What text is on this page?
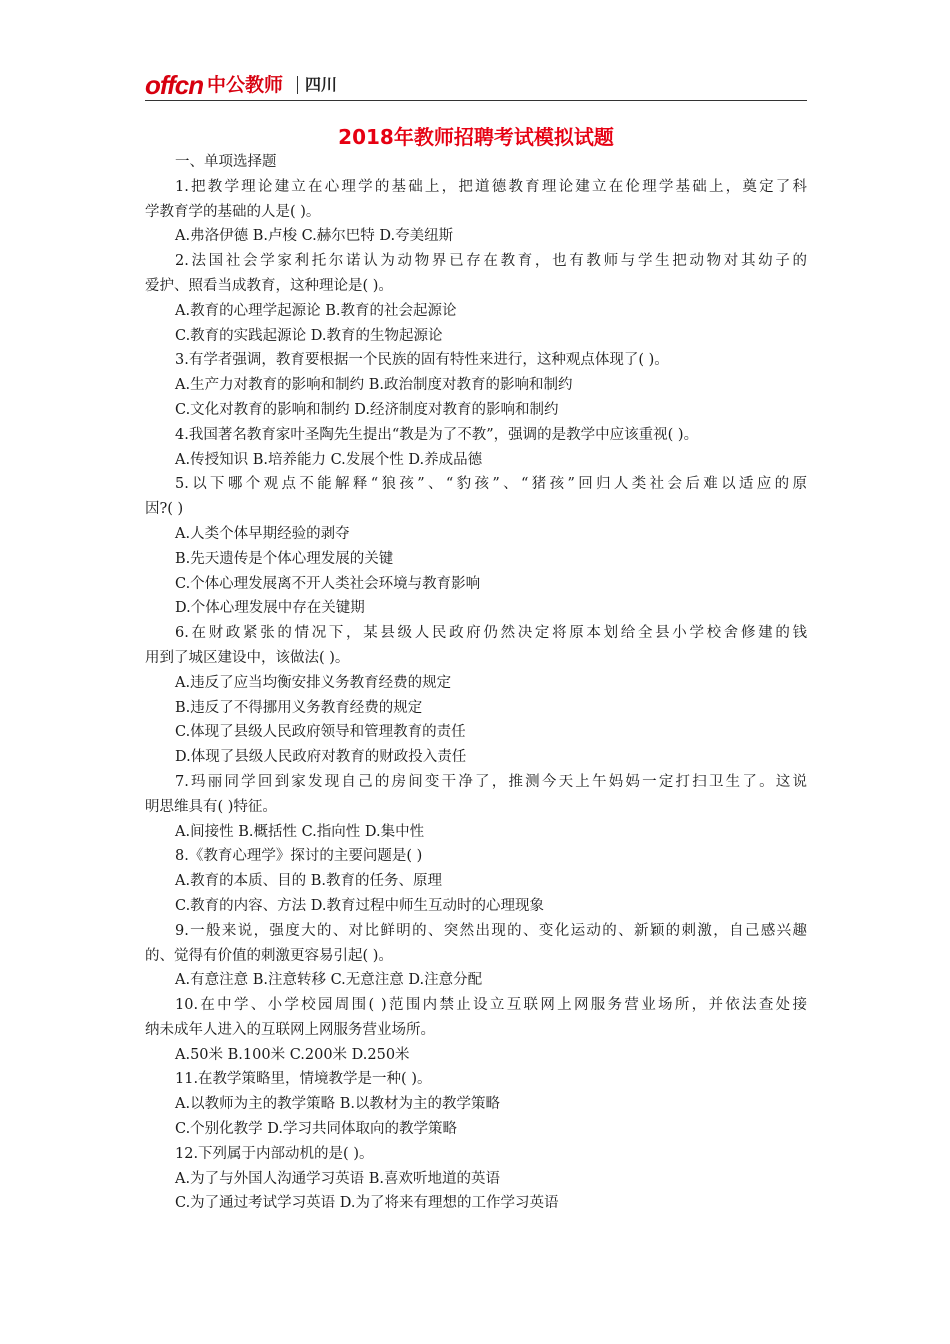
offcn 中公教师 四川
2018年教师招聘考试模拟试题
一、单项选择题
1.把教学理论建立在心理学的基础上，把道德教育理论建立在伦理学基础上，奠定了科
学教育学的基础的人是( )。
A.弗洛伊德 B.卢梭 C.赫尔巴特 D.夸美纽斯
2.法国社会学家利托尔诺认为动物界已存在教育，也有教师与学生把动物对其幼子的
爱护、照看当成教育，这种理论是( )。
A.教育的心理学起源论 B.教育的社会起源论
C.教育的实践起源论 D.教育的生物起源论
3.有学者强调，教育要根据一个民族的固有特性来进行，这种观点体现了( )。
A.生产力对教育的影响和制约 B.政治制度对教育的影响和制约
C.文化对教育的影响和制约 D.经济制度对教育的影响和制约
4.我国著名教育家叶圣陶先生提出“教是为了不教”，强调的是教学中应该重视( )。
A.传授知识 B.培养能力 C.发展个性 D.养成品德
5.以下哪个观点不能解释“狼孩”、“豹孩”、“猪孩”回归人类社会后难以适应的原
因?( )
A.人类个体早期经验的剥夺
B.先天遗传是个体心理发展的关键
C.个体心理发展离不开人类社会环境与教育影响
D.个体心理发展中存在关键期
6.在财政紧张的情况下，某县级人民政府仍然决定将原本划给全县小学校舍修建的钱
用到了城区建设中，该做法( )。
A.违反了应当均衡安排义务教育经费的规定
B.违反了不得挪用义务教育经费的规定
C.体现了县级人民政府领导和管理教育的责任
D.体现了县级人民政府对教育的财政投入责任
7.玛丽同学回到家发现自己的房间变干净了，推测今天上午妈妈一定打扫卫生了。这说
明思维具有( )特征。
A.间接性 B.概括性 C.指向性 D.集中性
8.《教育心理学》探讨的主要问题是( )
A.教育的本质、目的 B.教育的任务、原理
C.教育的内容、方法 D.教育过程中师生互动时的心理现象
9.一般来说，强度大的、对比鲜明的、突然出现的、变化运动的、新颖的刺激，自己感兴趣
的、觉得有价值的刺激更容易引起( )。
A.有意注意 B.注意转移 C.无意注意 D.注意分配
10.在中学、小学校园周围( )范围内禁止设立互联网上网服务营业场所，并依法查处接
纳未成年人进入的互联网上网服务营业场所。
A.50米 B.100米 C.200米 D.250米
11.在教学策略里，情境教学是一种( )。
A.以教师为主的教学策略 B.以教材为主的教学策略
C.个别化教学 D.学习共同体取向的教学策略
12.下列属于内部动机的是( )。
A.为了与外国人沟通学习英语 B.喜欢听地道的英语
C.为了通过考试学习英语 D.为了将来有理想的工作学习英语
